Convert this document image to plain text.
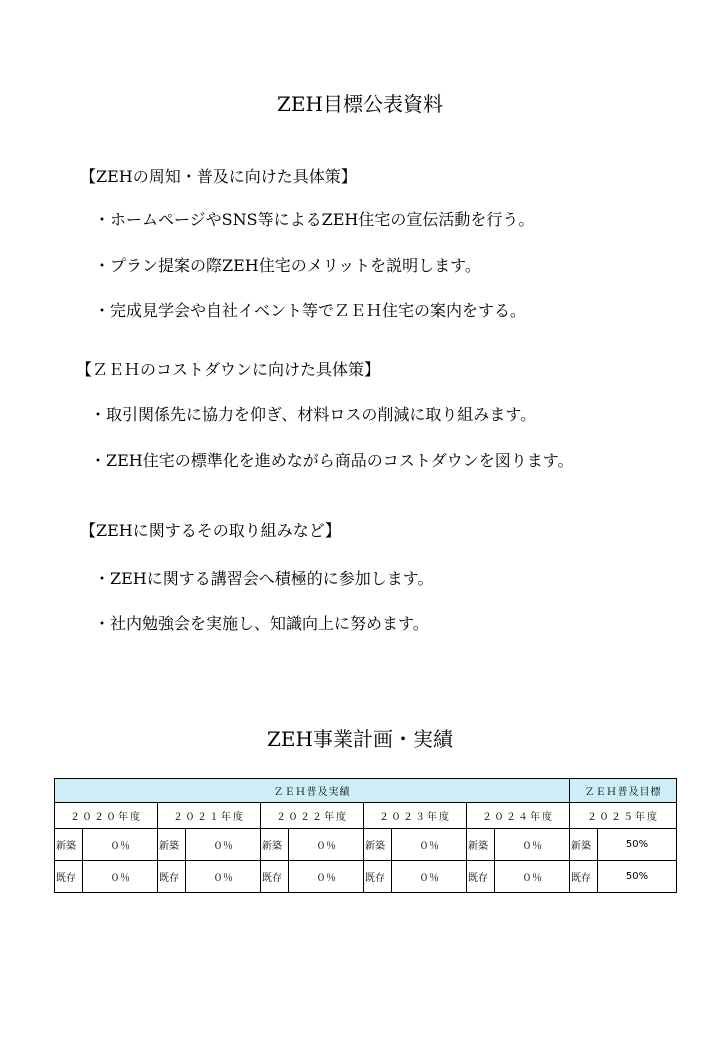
ZEH目標公表資料
【ZEHの周知・普及に向けた具体策】
・ホームページやSNS等によるZEH住宅の宣伝活動を行う。
・プラン提案の際ZEH住宅のメリットを説明します。
・完成見学会や自社イベント等でＺＥＨ住宅の案内をする。
【ＺＥＨのコストダウンに向けた具体策】
・取引関係先に協力を仰ぎ、材料ロスの削減に取り組みます。
・ZEH住宅の標準化を進めながら商品のコストダウンを図ります。
【ZEHに関するその取り組みなど】
・ZEHに関する講習会へ積極的に参加します。
・社内勉強会を実施し、知識向上に努めます。
ZEH事業計画・実績
ＺＥＨ普及実績										ＺＥＨ普及目標	
２０２０年度		２０２１年度		２０２２年度		２０２３年度		２０２４年度		２０２５年度	
新築	０％	新築	０％	新築	０％	新築	０％	新築	０％	新築	50%
既存	０％	既存	０％	既存	０％	既存	０％	既存	０％	既存	50%
